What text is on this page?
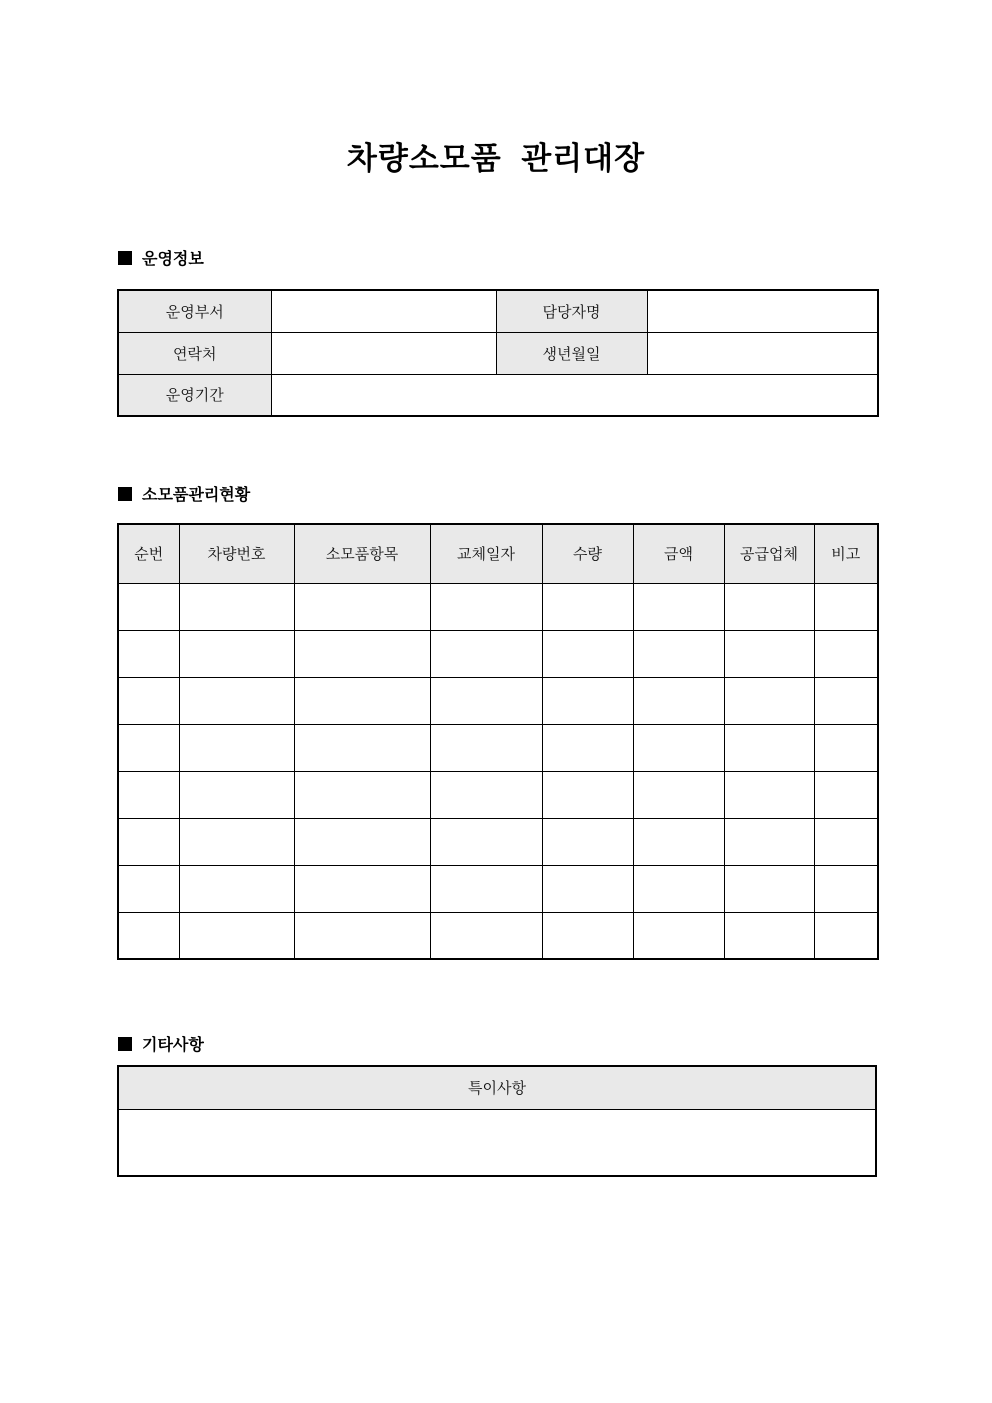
차량소모품 관리대장
운영정보
운영부서		담당자명	
연락처		생년월일	
운영기간			
소모품관리현황
순번	차량번호	소모품항목	교체일자	수량	금액	공급업체	비고

기타사항
특이사항
